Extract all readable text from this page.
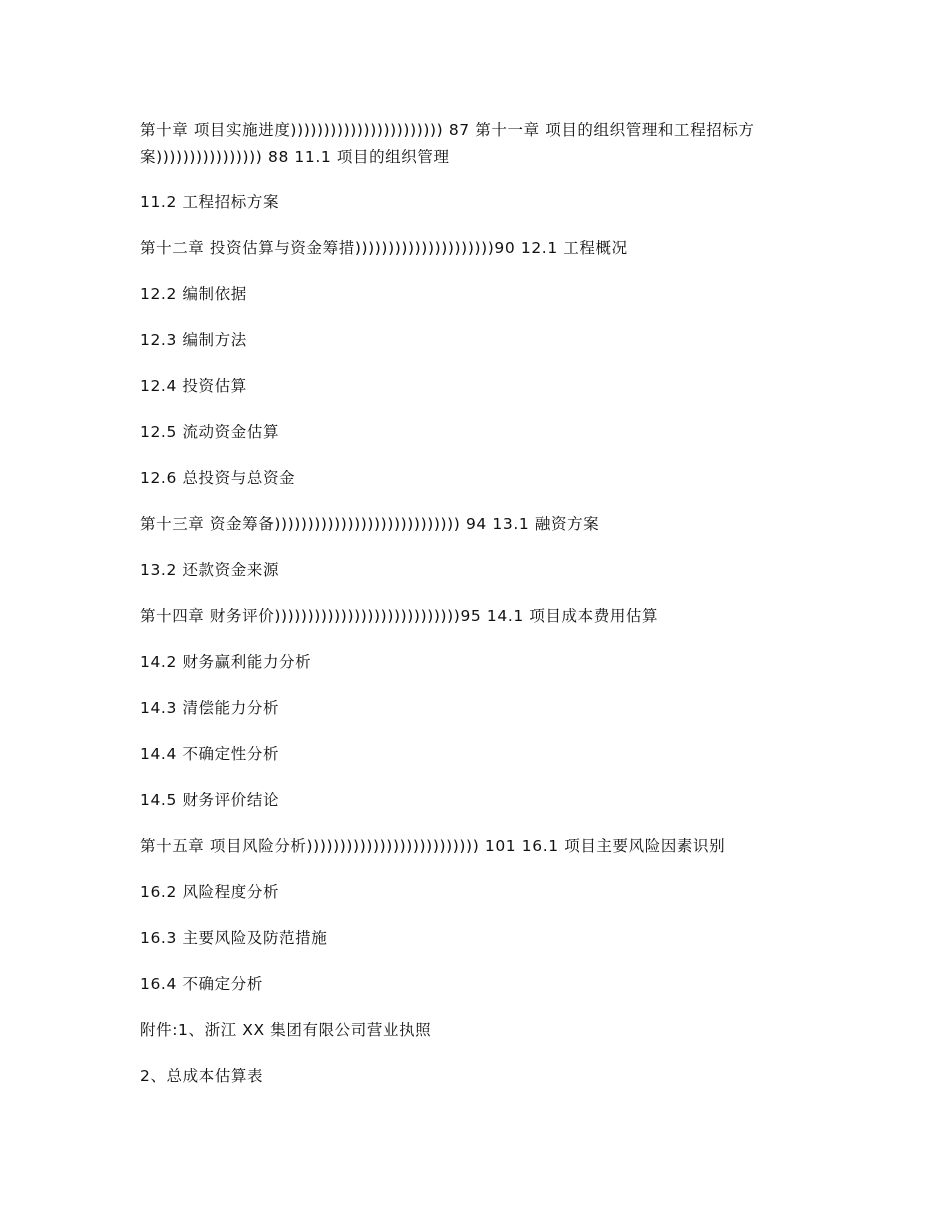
第十章 项目实施进度))))))))))))))))))))))) 87 第十一章 项目的组织管理和工程招标方案)))))))))))))))) 88 11.1 项目的组织管理
11.2 工程招标方案
第十二章 投资估算与资金筹措)))))))))))))))))))))90 12.1 工程概况
12.2 编制依据
12.3 编制方法
12.4 投资估算
12.5 流动资金估算
12.6 总投资与总资金
第十三章 资金筹备)))))))))))))))))))))))))))) 94 13.1 融资方案
13.2 还款资金来源
第十四章 财务评价))))))))))))))))))))))))))))95 14.1 项目成本费用估算
14.2 财务赢利能力分析
14.3 清偿能力分析
14.4 不确定性分析
14.5 财务评价结论
第十五章 项目风险分析)))))))))))))))))))))))))) 101 16.1 项目主要风险因素识别
16.2 风险程度分析
16.3 主要风险及防范措施
16.4 不确定分析
附件:1、浙江 XX 集团有限公司营业执照
2、总成本估算表
